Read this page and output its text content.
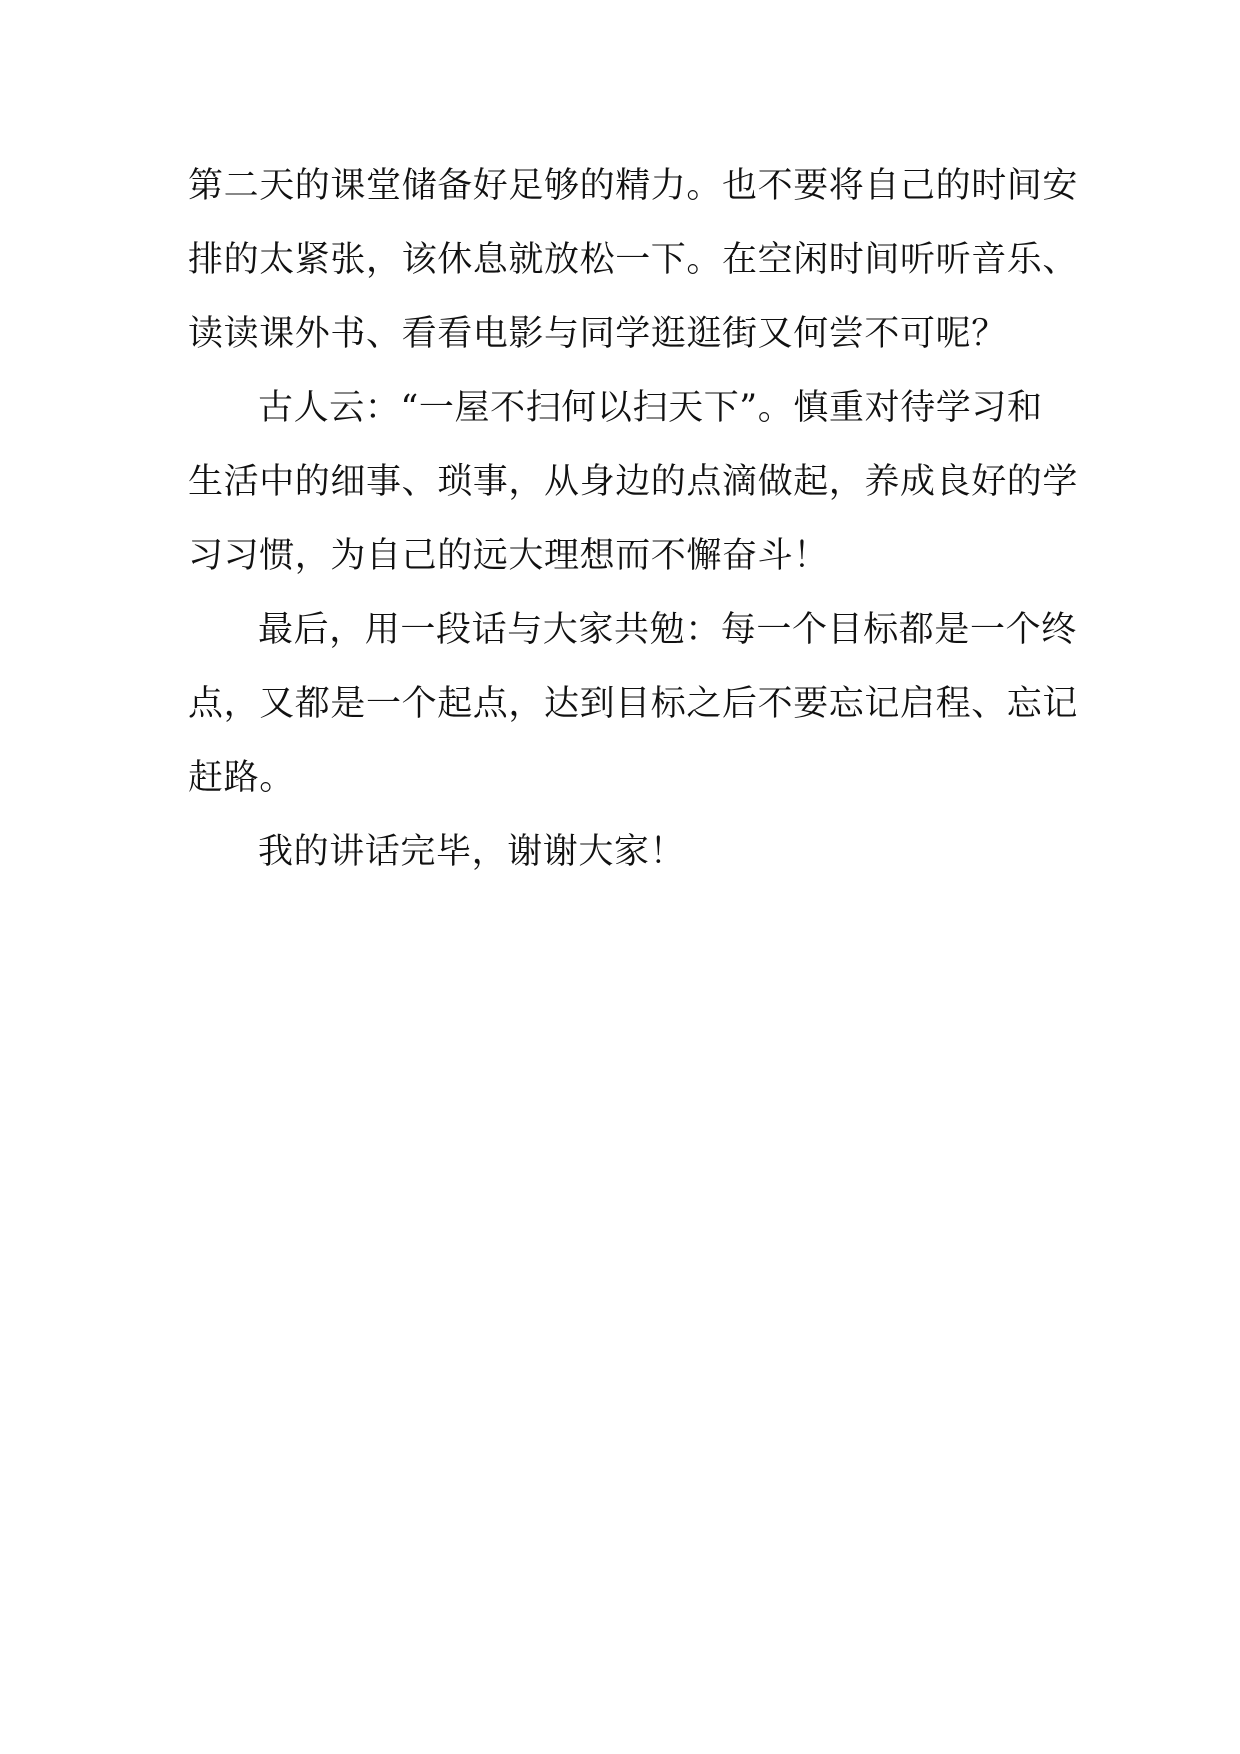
第二天的课堂储备好足够的精力。也不要将自己的时间安
排的太紧张，该休息就放松一下。在空闲时间听听音乐、
读读课外书、看看电影与同学逛逛街又何尝不可呢？
古人云：“一屋不扫何以扫天下”。慎重对待学习和
生活中的细事、琐事，从身边的点滴做起，养成良好的学
习习惯，为自己的远大理想而不懈奋斗！
最后，用一段话与大家共勉：每一个目标都是一个终
点，又都是一个起点，达到目标之后不要忘记启程、忘记
赶路。
我的讲话完毕，谢谢大家！
